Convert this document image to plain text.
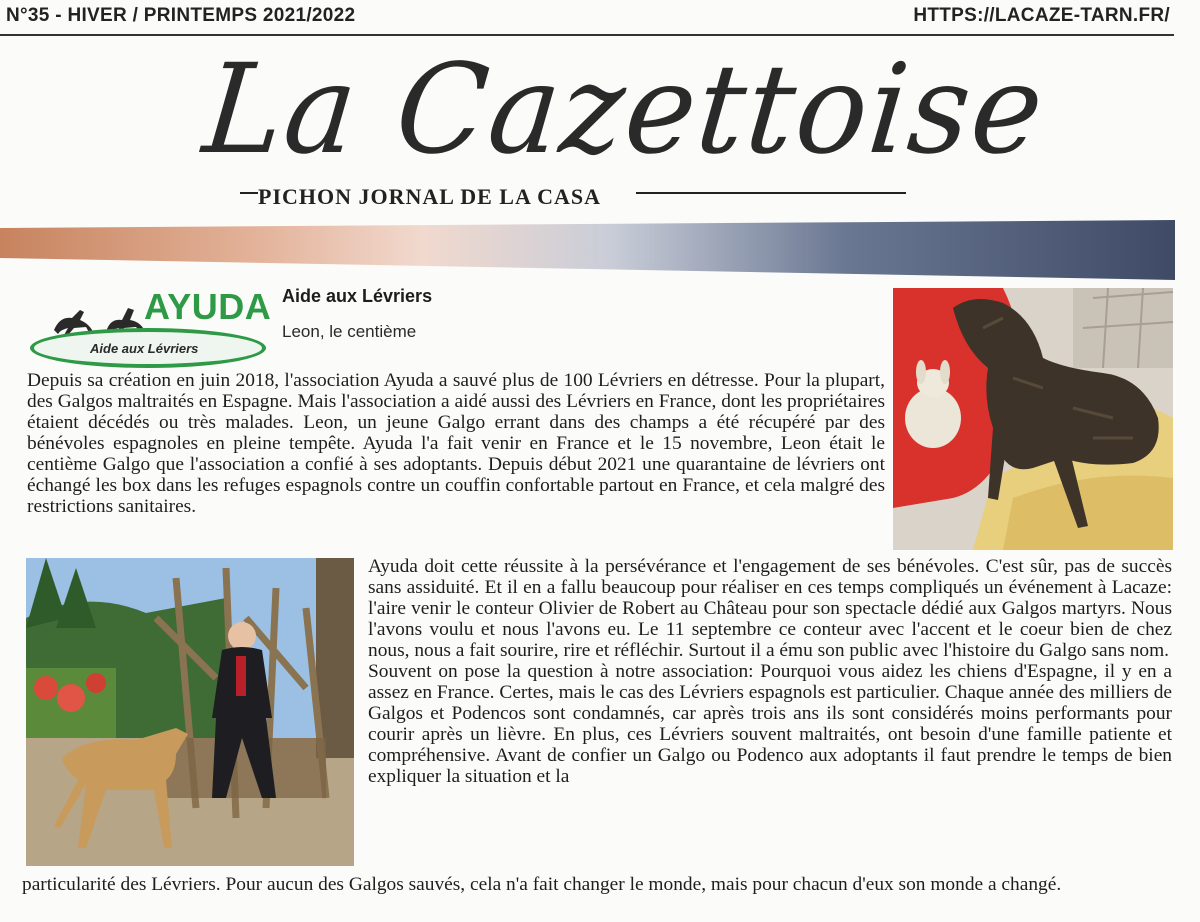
N°35 - HIVER / PRINTEMPS 2021/2022	HTTPS://LACAZE-TARN.FR/
La Cazettoise
PICHON JORNAL DE LA CASA
AYUDA
Aide aux Lévriers
Aide aux Lévriers
Leon, le centième

Depuis sa création en juin 2018, l'association Ayuda a sauvé plus de 100 Lévriers en détresse. Pour la plupart, des Galgos maltraités en Espagne. Mais l'association a aidé aussi des Lévriers en France, dont les propriétaires étaient décédés ou très malades. Leon, un jeune Galgo errant dans des champs a été récupéré par des bénévoles espagnoles en pleine tempête. Ayuda l'a fait venir en France et le 15 novembre, Leon était le centième Galgo que l'association a confié à ses adoptants. Depuis début 2021 une quarantaine de lévriers ont échangé les box dans les refuges espagnols contre un couffin confortable partout en France, et cela malgré des restrictions sanitaires.

Ayuda doit cette réussite à la persévérance et l'engagement de ses bénévoles. C'est sûr, pas de succès sans assiduité. Et il en a fallu beaucoup pour réaliser en ces temps compliqués un événement à Lacaze: l'aire venir le conteur Olivier de Robert au Château pour son spectacle dédié aux Galgos martyrs. Nous l'avons voulu et nous l'avons eu. Le 11 septembre ce conteur avec l'accent et le coeur bien de chez nous, nous a fait sourire, rire et réfléchir. Surtout il a ému son public avec l'histoire du Galgo sans nom.

Souvent on pose la question à notre association: Pourquoi vous aidez les chiens d'Espagne, il y en a assez en France. Certes, mais le cas des Lévriers espagnols est particulier. Chaque année des milliers de Galgos et Podencos sont condamnés, car après trois ans ils sont considérés moins performants pour courir après un lièvre. En plus, ces Lévriers souvent maltraités, ont besoin d'une famille patiente et compréhensive. Avant de confier un Galgo ou Podenco aux adoptants il faut prendre le temps de bien expliquer la situation et la

particularité des Lévriers. Pour aucun des Galgos sauvés, cela n'a fait changer le monde, mais pour chacun d'eux son monde a changé.
